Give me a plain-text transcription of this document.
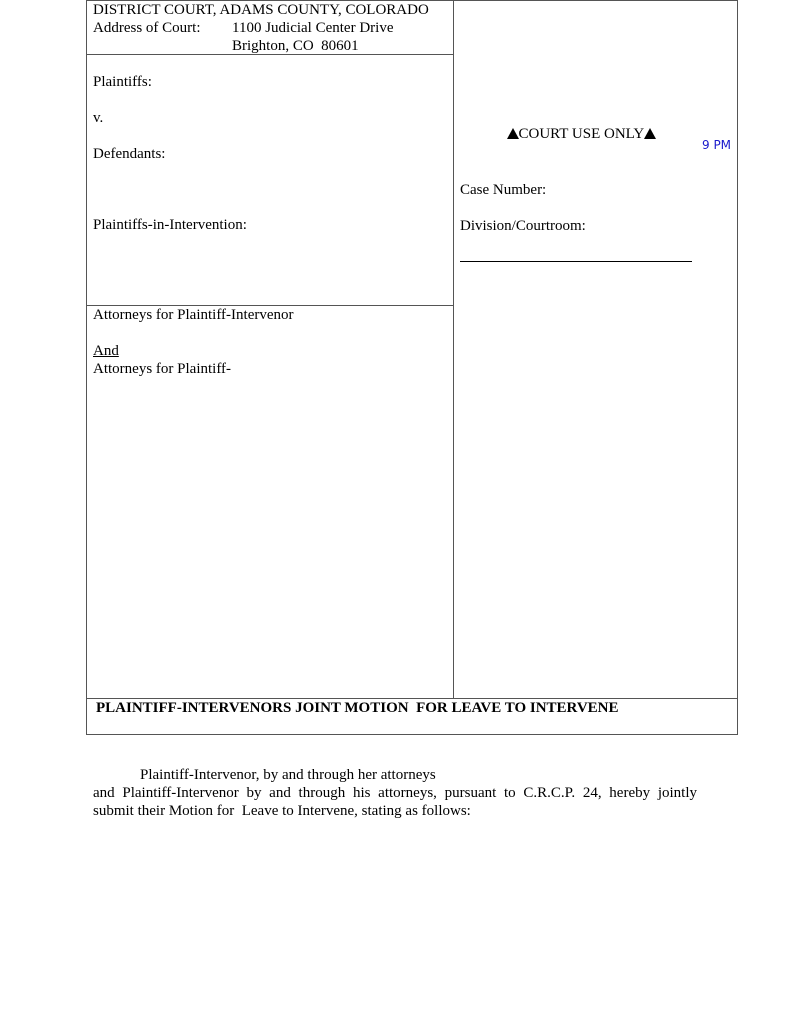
DISTRICT COURT, ADAMS COUNTY, COLORADO
Address of Court: 1100 Judicial Center Drive
Brighton, CO  80601
Plaintiffs:
v.
Defendants:
Plaintiffs-in-Intervention:
Attorneys for Plaintiff-Intervenor
And
Attorneys for Plaintiff-

COURT USE ONLY

9 PM
Case Number:
Division/Courtroom:
PLAINTIFF-INTERVENORS JOINT MOTION  FOR LEAVE TO INTERVENE
Plaintiff-Intervenor, by and through her attorneys
and Plaintiff-Intervenor by and through his attorneys, pursuant to C.R.C.P. 24, hereby jointly
submit their Motion for  Leave to Intervene, stating as follows:
